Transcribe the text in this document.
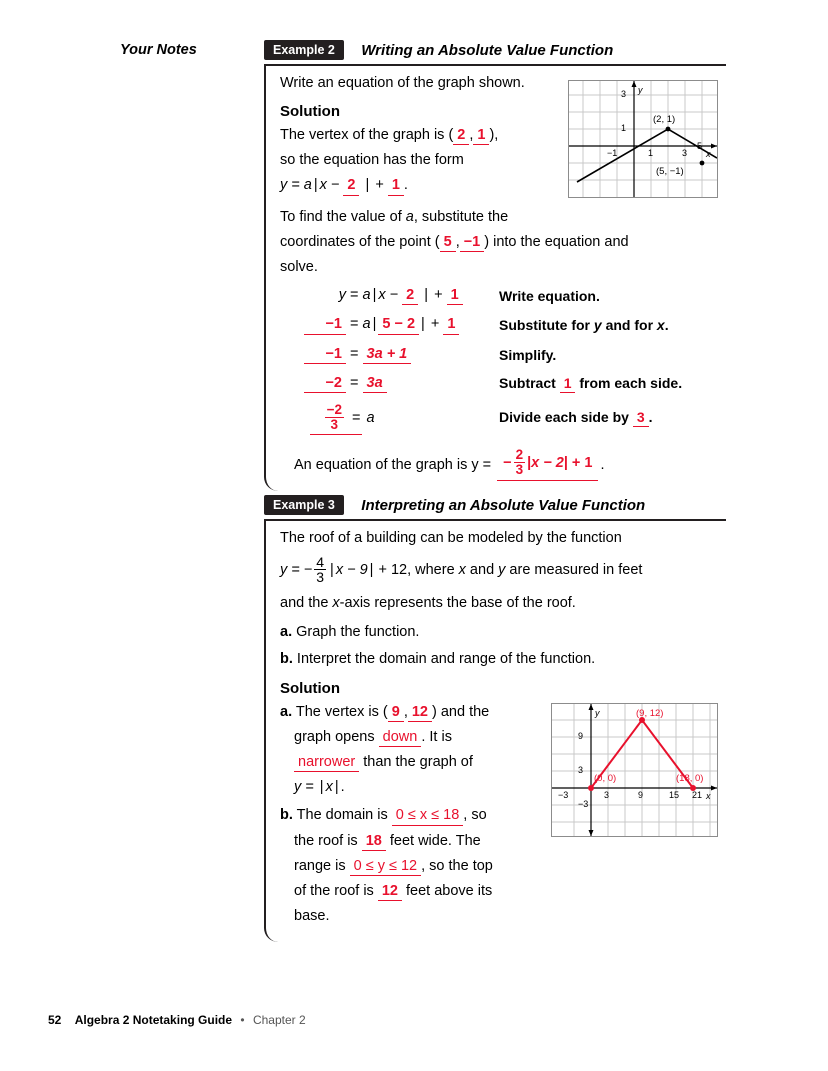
Your Notes	Example 2 Writing an Absolute Value Function

Write an equation of the graph shown.

Solution
The vertex of the graph is ( 2 , 1 ),
so the equation has the form
y = a | x − 2 | + 1 .
To find the value of a, substitute the
coordinates of the point ( 5 , −1 ) into the equation and
solve.
y = a | x − 2 | + 1	Write equation.
−1 = a | 5 − 2 | + 1	Substitute for y and for x.
−1 = 3a + 1	Simplify.
−2 = 3a	Subtract 1 from each side.
$\frac{-2}{3} = a$	Divide each side by 3 .
An equation of the graph is y = − $\frac{2}{3} |x - 2| + 1$ .
y
x
3
1
−1	1	3
5
(2, 1)
(5, −1)
Example 3 Interpreting an Absolute Value Function

The roof of a building can be modeled by the function

y = − $\frac{4}{3}$ | x − 9 | + 12, where x and y are measured in feet
and the x-axis represents the base of the roof.
a. Graph the function.
b. Interpret the domain and range of the function.
Solution
a. The vertex is ( 9 , 12 ) and the
graph opens down . It is
narrower than the graph of
y = | x | .
b. The domain is 0 ≤ x ≤ 18 , so
the roof is 18 feet wide. The
range is 0 ≤ y ≤ 12 , so the top
of the roof is 12 feet above its
base.
y
x
9
3
−3
−3
3	9	15 21
(9, 12)
(0, 0)	(18, 0)
52 Algebra 2 Notetaking Guide • Chapter 2
